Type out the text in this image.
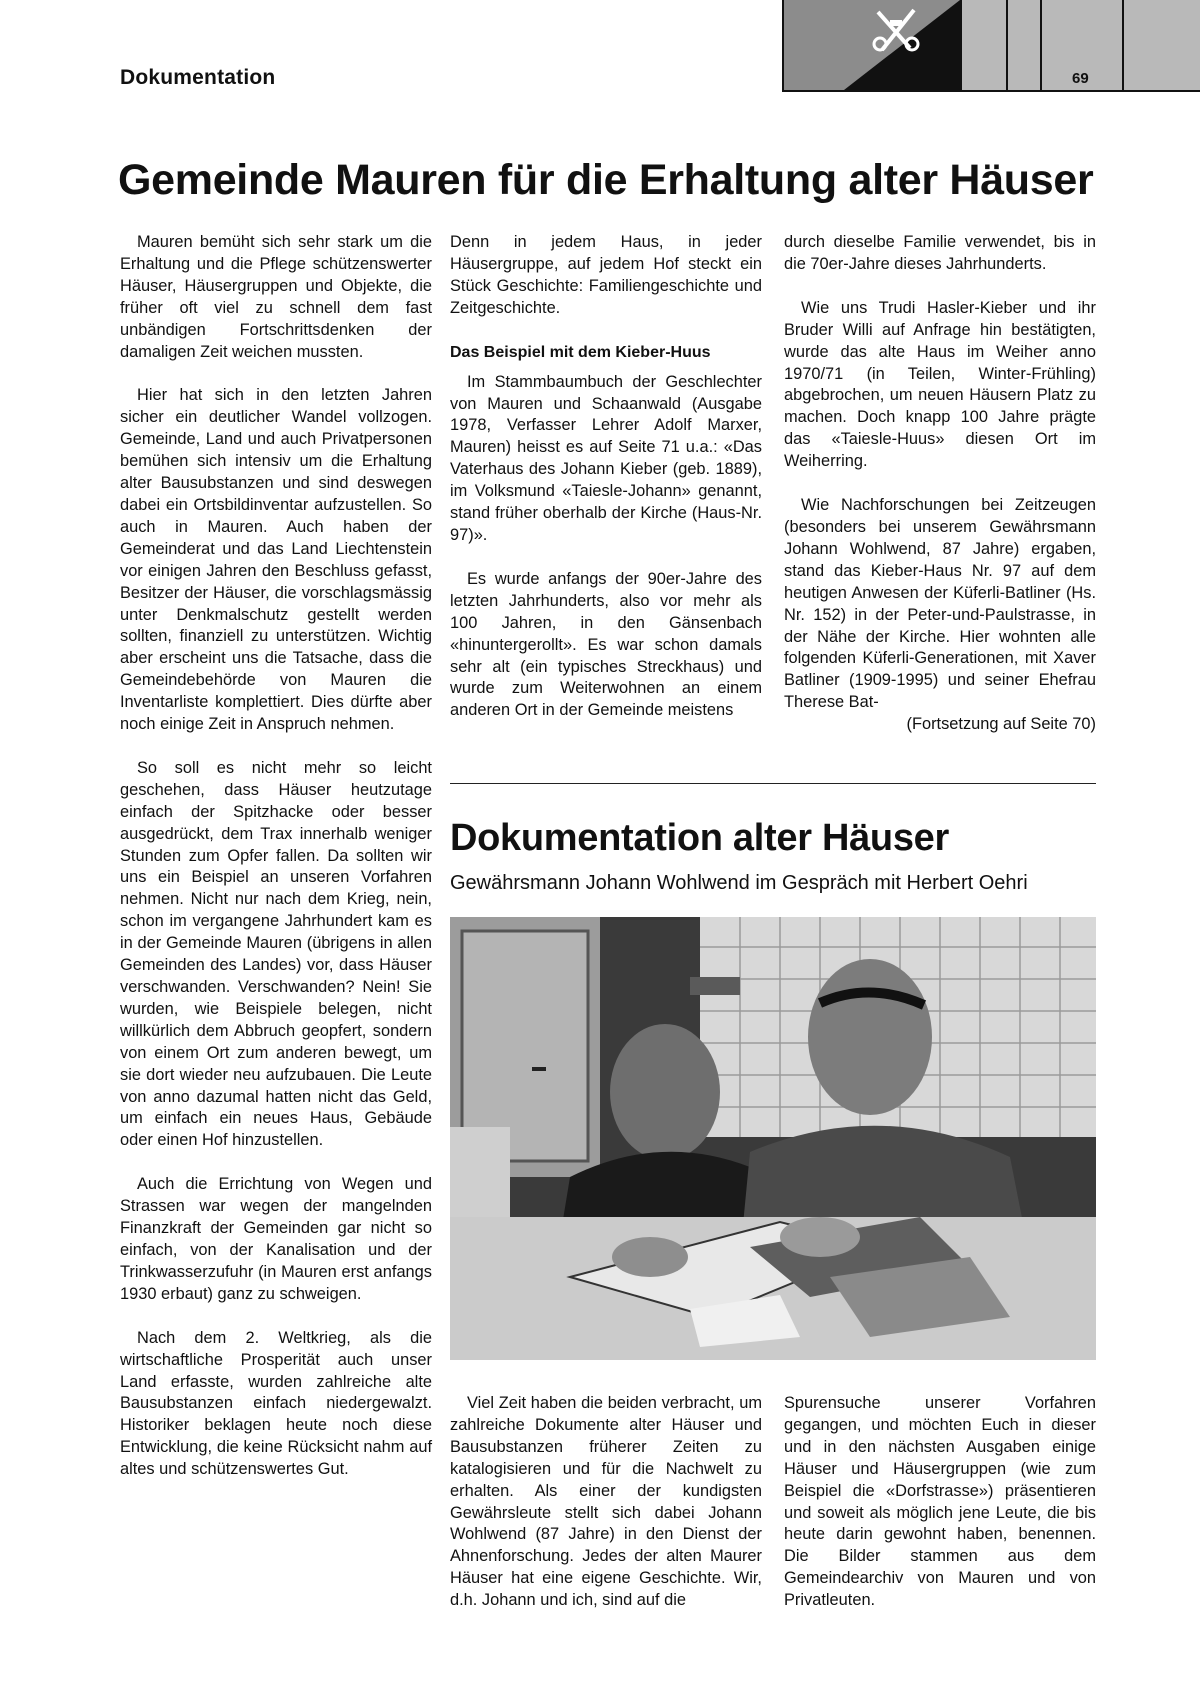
Dokumentation	69
Gemeinde Mauren für die Erhaltung alter Häuser

Mauren bemüht sich sehr stark um die Erhaltung und die Pflege schützenswerter Häuser, Häusergruppen und Objekte, die früher oft viel zu schnell dem fast unbändigen Fortschrittsdenken der damaligen Zeit weichen mussten.

Hier hat sich in den letzten Jahren sicher ein deutlicher Wandel vollzogen. Gemeinde, Land und auch Privatpersonen bemühen sich intensiv um die Erhaltung alter Bausubstanzen und sind deswegen dabei ein Ortsbildinventar aufzustellen. So auch in Mauren. Auch haben der Gemeinderat und das Land Liechtenstein vor einigen Jahren den Beschluss gefasst, Besitzer der Häuser, die vorschlagsmässig unter Denkmalschutz gestellt werden sollten, finanziell zu unterstützen. Wichtig aber erscheint uns die Tatsache, dass die Gemeindebehörde von Mauren die Inventarliste komplettiert. Dies dürfte aber noch einige Zeit in Anspruch nehmen.

So soll es nicht mehr so leicht geschehen, dass Häuser heutzutage einfach der Spitzhacke oder besser ausgedrückt, dem Trax innerhalb weniger Stunden zum Opfer fallen. Da sollten wir uns ein Beispiel an unseren Vorfahren nehmen. Nicht nur nach dem Krieg, nein, schon im vergangene Jahrhundert kam es in der Gemeinde Mauren (übrigens in allen Gemeinden des Landes) vor, dass Häuser verschwanden. Verschwanden? Nein! Sie wurden, wie Beispiele belegen, nicht willkürlich dem Abbruch geopfert, sondern von einem Ort zum anderen bewegt, um sie dort wieder neu aufzubauen. Die Leute von anno dazumal hatten nicht das Geld, um einfach ein neues Haus, Gebäude oder einen Hof hinzustellen.

Auch die Errichtung von Wegen und Strassen war wegen der mangelnden Finanzkraft der Gemeinden gar nicht so einfach, von der Kanalisation und der Trinkwasserzufuhr (in Mauren erst anfangs 1930 erbaut) ganz zu schweigen.

Nach dem 2. Weltkrieg, als die wirtschaftliche Prosperität auch unser Land erfasste, wurden zahlreiche alte Bausubstanzen einfach niedergewalzt. Historiker beklagen heute noch diese Entwicklung, die keine Rücksicht nahm auf altes und schützenswertes Gut.

Denn in jedem Haus, in jeder Häusergruppe, auf jedem Hof steckt ein Stück Geschichte: Familiengeschichte und Zeitgeschichte.

Das Beispiel mit dem Kieber-Huus

Im Stammbaumbuch der Geschlechter von Mauren und Schaanwald (Ausgabe 1978, Verfasser Lehrer Adolf Marxer, Mauren) heisst es auf Seite 71 u.a.: «Das Vaterhaus des Johann Kieber (geb. 1889), im Volksmund «Taiesle-Johann» genannt, stand früher oberhalb der Kirche (Haus-Nr. 97)».

Es wurde anfangs der 90er-Jahre des letzten Jahrhunderts, also vor mehr als 100 Jahren, in den Gänsenbach «hinuntergerollt». Es war schon damals sehr alt (ein typisches Streckhaus) und wurde zum Weiterwohnen an einem anderen Ort in der Gemeinde meistens

durch dieselbe Familie verwendet, bis in die 70er-Jahre dieses Jahrhunderts.

Wie uns Trudi Hasler-Kieber und ihr Bruder Willi auf Anfrage hin bestätigten, wurde das alte Haus im Weiher anno 1970/71 (in Teilen, Winter-Frühling) abgebrochen, um neuen Häusern Platz zu machen. Doch knapp 100 Jahre prägte das «Taiesle-Huus» diesen Ort im Weiherring.

Wie Nachforschungen bei Zeitzeugen (besonders bei unserem Gewährsmann Johann Wohlwend, 87 Jahre) ergaben, stand das Kieber-Haus Nr. 97 auf dem heutigen Anwesen der Küferli-Batliner (Hs. Nr. 152) in der Peter-und-Paulstrasse, in der Nähe der Kirche. Hier wohnten alle folgenden Küferli-Generationen, mit Xaver Batliner (1909-1995) und seiner Ehefrau Therese Bat-

(Fortsetzung auf Seite 70)

Dokumentation alter Häuser
Gewährsmann Johann Wohlwend im Gespräch mit Herbert Oehri

Viel Zeit haben die beiden verbracht, um zahlreiche Dokumente alter Häuser und Bausubstanzen früherer Zeiten zu katalogisieren und für die Nachwelt zu erhalten. Als einer der kundigsten Gewährsleute stellt sich dabei Johann Wohlwend (87 Jahre) in den Dienst der Ahnenforschung. Jedes der alten Maurer Häuser hat eine eigene Geschichte. Wir, d.h. Johann und ich, sind auf die

Spurensuche unserer Vorfahren gegangen, und möchten Euch in dieser und in den nächsten Ausgaben einige Häuser und Häusergruppen (wie zum Beispiel die «Dorfstrasse») präsentieren und soweit als möglich jene Leute, die bis heute darin gewohnt haben, benennen. Die Bilder stammen aus dem Gemeindearchiv von Mauren und von Privatleuten.
